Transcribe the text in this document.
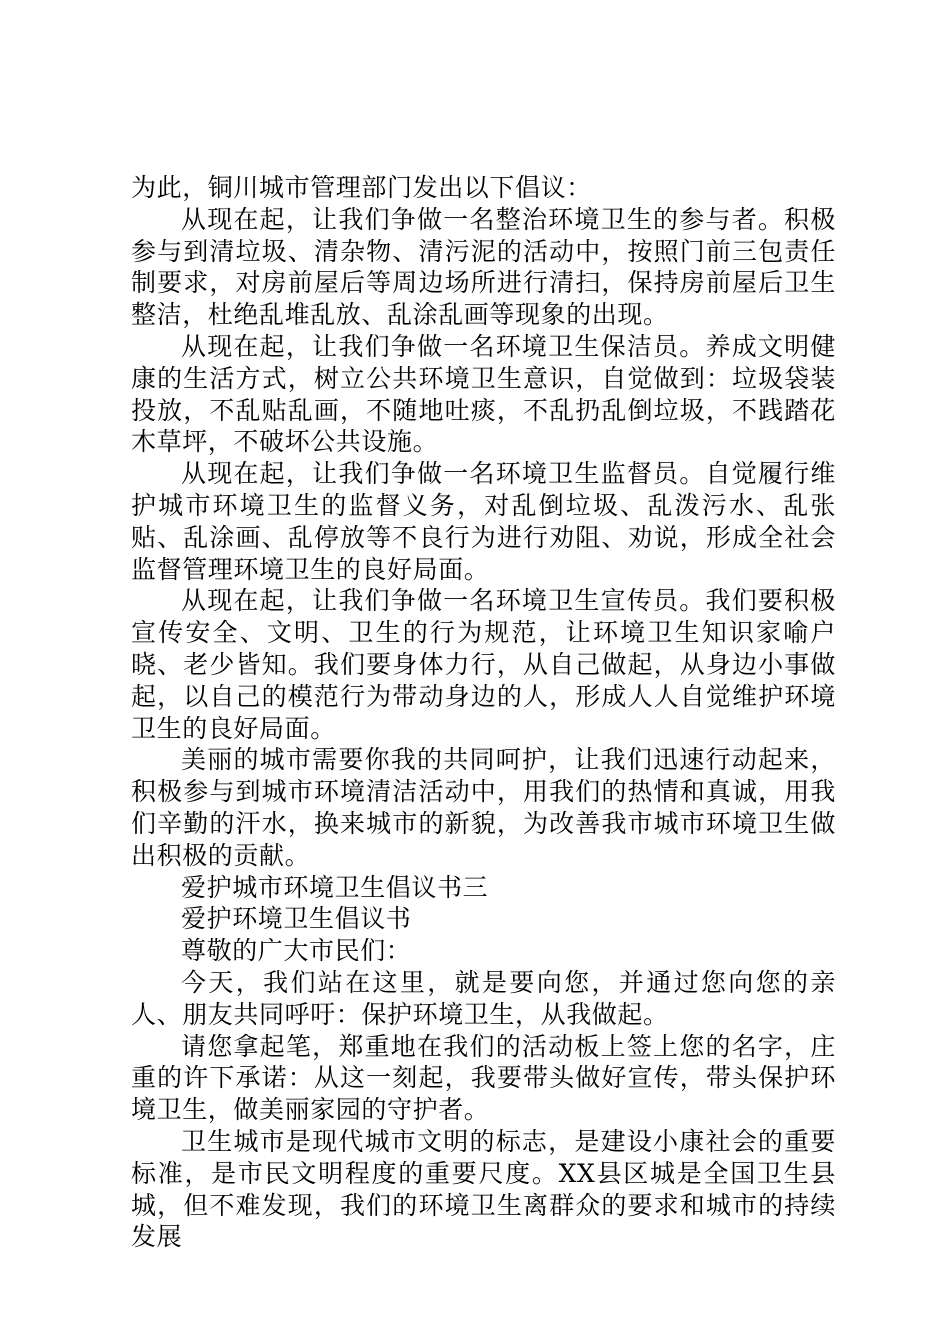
为此，铜川城市管理部门发出以下倡议：

从现在起，让我们争做一名整治环境卫生的参与者。积极参与到清垃圾、清杂物、清污泥的活动中，按照门前三包责任制要求，对房前屋后等周边场所进行清扫，保持房前屋后卫生整洁，杜绝乱堆乱放、乱涂乱画等现象的出现。

从现在起，让我们争做一名环境卫生保洁员。养成文明健康的生活方式，树立公共环境卫生意识，自觉做到：垃圾袋装投放，不乱贴乱画，不随地吐痰，不乱扔乱倒垃圾，不践踏花木草坪，不破坏公共设施。

从现在起，让我们争做一名环境卫生监督员。自觉履行维护城市环境卫生的监督义务，对乱倒垃圾、乱泼污水、乱张贴、乱涂画、乱停放等不良行为进行劝阻、劝说，形成全社会监督管理环境卫生的良好局面。

从现在起，让我们争做一名环境卫生宣传员。我们要积极宣传安全、文明、卫生的行为规范，让环境卫生知识家喻户晓、老少皆知。我们要身体力行，从自己做起，从身边小事做起，以自己的模范行为带动身边的人，形成人人自觉维护环境卫生的良好局面。

美丽的城市需要你我的共同呵护，让我们迅速行动起来，积极参与到城市环境清洁活动中，用我们的热情和真诚，用我们辛勤的汗水，换来城市的新貌，为改善我市城市环境卫生做出积极的贡献。

爱护城市环境卫生倡议书三

爱护环境卫生倡议书

尊敬的广大市民们：

今天，我们站在这里，就是要向您，并通过您向您的亲人、朋友共同呼吁：保护环境卫生，从我做起。

请您拿起笔，郑重地在我们的活动板上签上您的名字，庄重的许下承诺：从这一刻起，我要带头做好宣传，带头保护环境卫生，做美丽家园的守护者。

卫生城市是现代城市文明的标志，是建设小康社会的重要标准，是市民文明程度的重要尺度。XX县区城是全国卫生县城，但不难发现，我们的环境卫生离群众的要求和城市的持续发展
